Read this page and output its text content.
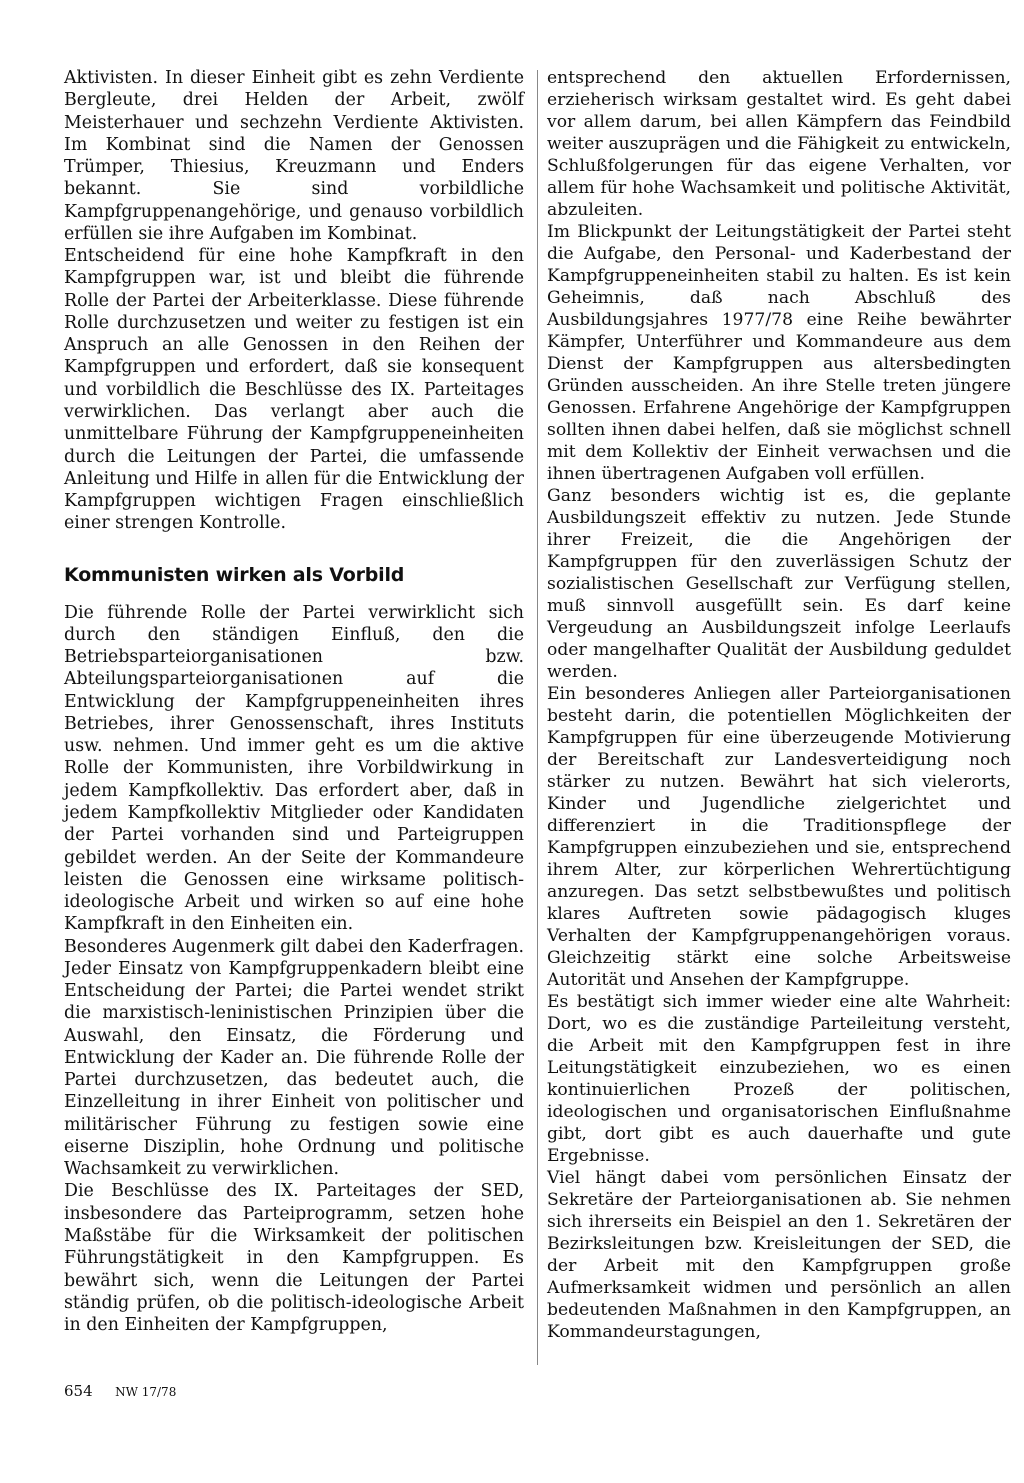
Aktivisten. In dieser Einheit gibt es zehn Verdiente Bergleute, drei Helden der Arbeit, zwölf Meisterhauer und sechzehn Verdiente Aktivisten. Im Kombinat sind die Namen der Genossen Trümper, Thiesius, Kreuzmann und Enders bekannt. Sie sind vorbildliche Kampfgruppenangehörige, und genauso vorbildlich erfüllen sie ihre Aufgaben im Kombinat.

Entscheidend für eine hohe Kampfkraft in den Kampfgruppen war, ist und bleibt die führende Rolle der Partei der Arbeiterklasse. Diese führende Rolle durchzusetzen und weiter zu festigen ist ein Anspruch an alle Genossen in den Reihen der Kampfgruppen und erfordert, daß sie konsequent und vorbildlich die Beschlüsse des IX. Parteitages verwirklichen. Das verlangt aber auch die unmittelbare Führung der Kampfgruppeneinheiten durch die Leitungen der Partei, die umfassende Anleitung und Hilfe in allen für die Entwicklung der Kampfgruppen wichtigen Fragen einschließlich einer strengen Kontrolle.

Kommunisten wirken als Vorbild

Die führende Rolle der Partei verwirklicht sich durch den ständigen Einfluß, den die Betriebsparteiorganisationen bzw. Abteilungsparteiorganisationen auf die Entwicklung der Kampfgruppeneinheiten ihres Betriebes, ihrer Genossenschaft, ihres Instituts usw. nehmen. Und immer geht es um die aktive Rolle der Kommunisten, ihre Vorbildwirkung in jedem Kampfkollektiv. Das erfordert aber, daß in jedem Kampfkollektiv Mitglieder oder Kandidaten der Partei vorhanden sind und Parteigruppen gebildet werden. An der Seite der Kommandeure leisten die Genossen eine wirksame politisch-ideologische Arbeit und wirken so auf eine hohe Kampfkraft in den Einheiten ein.

Besonderes Augenmerk gilt dabei den Kaderfragen. Jeder Einsatz von Kampfgruppenkadern bleibt eine Entscheidung der Partei; die Partei wendet strikt die marxistisch-leninistischen Prinzipien über die Auswahl, den Einsatz, die Förderung und Entwicklung der Kader an. Die führende Rolle der Partei durchzusetzen, das bedeutet auch, die Einzelleitung in ihrer Einheit von politischer und militärischer Führung zu festigen sowie eine eiserne Disziplin, hohe Ordnung und politische Wachsamkeit zu verwirklichen.

Die Beschlüsse des IX. Parteitages der SED, insbesondere das Parteiprogramm, setzen hohe Maßstäbe für die Wirksamkeit der politischen Führungstätigkeit in den Kampfgruppen. Es bewährt sich, wenn die Leitungen der Partei ständig prüfen, ob die politisch-ideologische Arbeit in den Einheiten der Kampfgruppen,

entsprechend den aktuellen Erfordernissen, erzieherisch wirksam gestaltet wird. Es geht dabei vor allem darum, bei allen Kämpfern das Feindbild weiter auszuprägen und die Fähigkeit zu entwickeln, Schlußfolgerungen für das eigene Verhalten, vor allem für hohe Wachsamkeit und politische Aktivität, abzuleiten.

Im Blickpunkt der Leitungstätigkeit der Partei steht die Aufgabe, den Personal- und Kaderbestand der Kampfgruppeneinheiten stabil zu halten. Es ist kein Geheimnis, daß nach Abschluß des Ausbildungsjahres 1977/78 eine Reihe bewährter Kämpfer, Unterführer und Kommandeure aus dem Dienst der Kampfgruppen aus altersbedingten Gründen ausscheiden. An ihre Stelle treten jüngere Genossen. Erfahrene Angehörige der Kampfgruppen sollten ihnen dabei helfen, daß sie möglichst schnell mit dem Kollektiv der Einheit verwachsen und die ihnen übertragenen Aufgaben voll erfüllen.

Ganz besonders wichtig ist es, die geplante Ausbildungszeit effektiv zu nutzen. Jede Stunde ihrer Freizeit, die die Angehörigen der Kampfgruppen für den zuverlässigen Schutz der sozialistischen Gesellschaft zur Verfügung stellen, muß sinnvoll ausgefüllt sein. Es darf keine Vergeudung an Ausbildungszeit infolge Leerlaufs oder mangelhafter Qualität der Ausbildung geduldet werden.

Ein besonderes Anliegen aller Parteiorganisationen besteht darin, die potentiellen Möglichkeiten der Kampfgruppen für eine überzeugende Motivierung der Bereitschaft zur Landesverteidigung noch stärker zu nutzen. Bewährt hat sich vielerorts, Kinder und Jugendliche zielgerichtet und differenziert in die Traditionspflege der Kampfgruppen einzubeziehen und sie, entsprechend ihrem Alter, zur körperlichen Wehrertüchtigung anzuregen. Das setzt selbstbewußtes und politisch klares Auftreten sowie pädagogisch kluges Verhalten der Kampfgruppenangehörigen voraus. Gleichzeitig stärkt eine solche Arbeitsweise Autorität und Ansehen der Kampfgruppe.

Es bestätigt sich immer wieder eine alte Wahrheit: Dort, wo es die zuständige Parteileitung versteht, die Arbeit mit den Kampfgruppen fest in ihre Leitungstätigkeit einzubeziehen, wo es einen kontinuierlichen Prozeß der politischen, ideologischen und organisatorischen Einflußnahme gibt, dort gibt es auch dauerhafte und gute Ergebnisse.

Viel hängt dabei vom persönlichen Einsatz der Sekretäre der Parteiorganisationen ab. Sie nehmen sich ihrerseits ein Beispiel an den 1. Sekretären der Bezirksleitungen bzw. Kreisleitungen der SED, die der Arbeit mit den Kampfgruppen große Aufmerksamkeit widmen und persönlich an allen bedeutenden Maßnahmen in den Kampfgruppen, an Kommandeurstagungen,

654 NW 17/78
